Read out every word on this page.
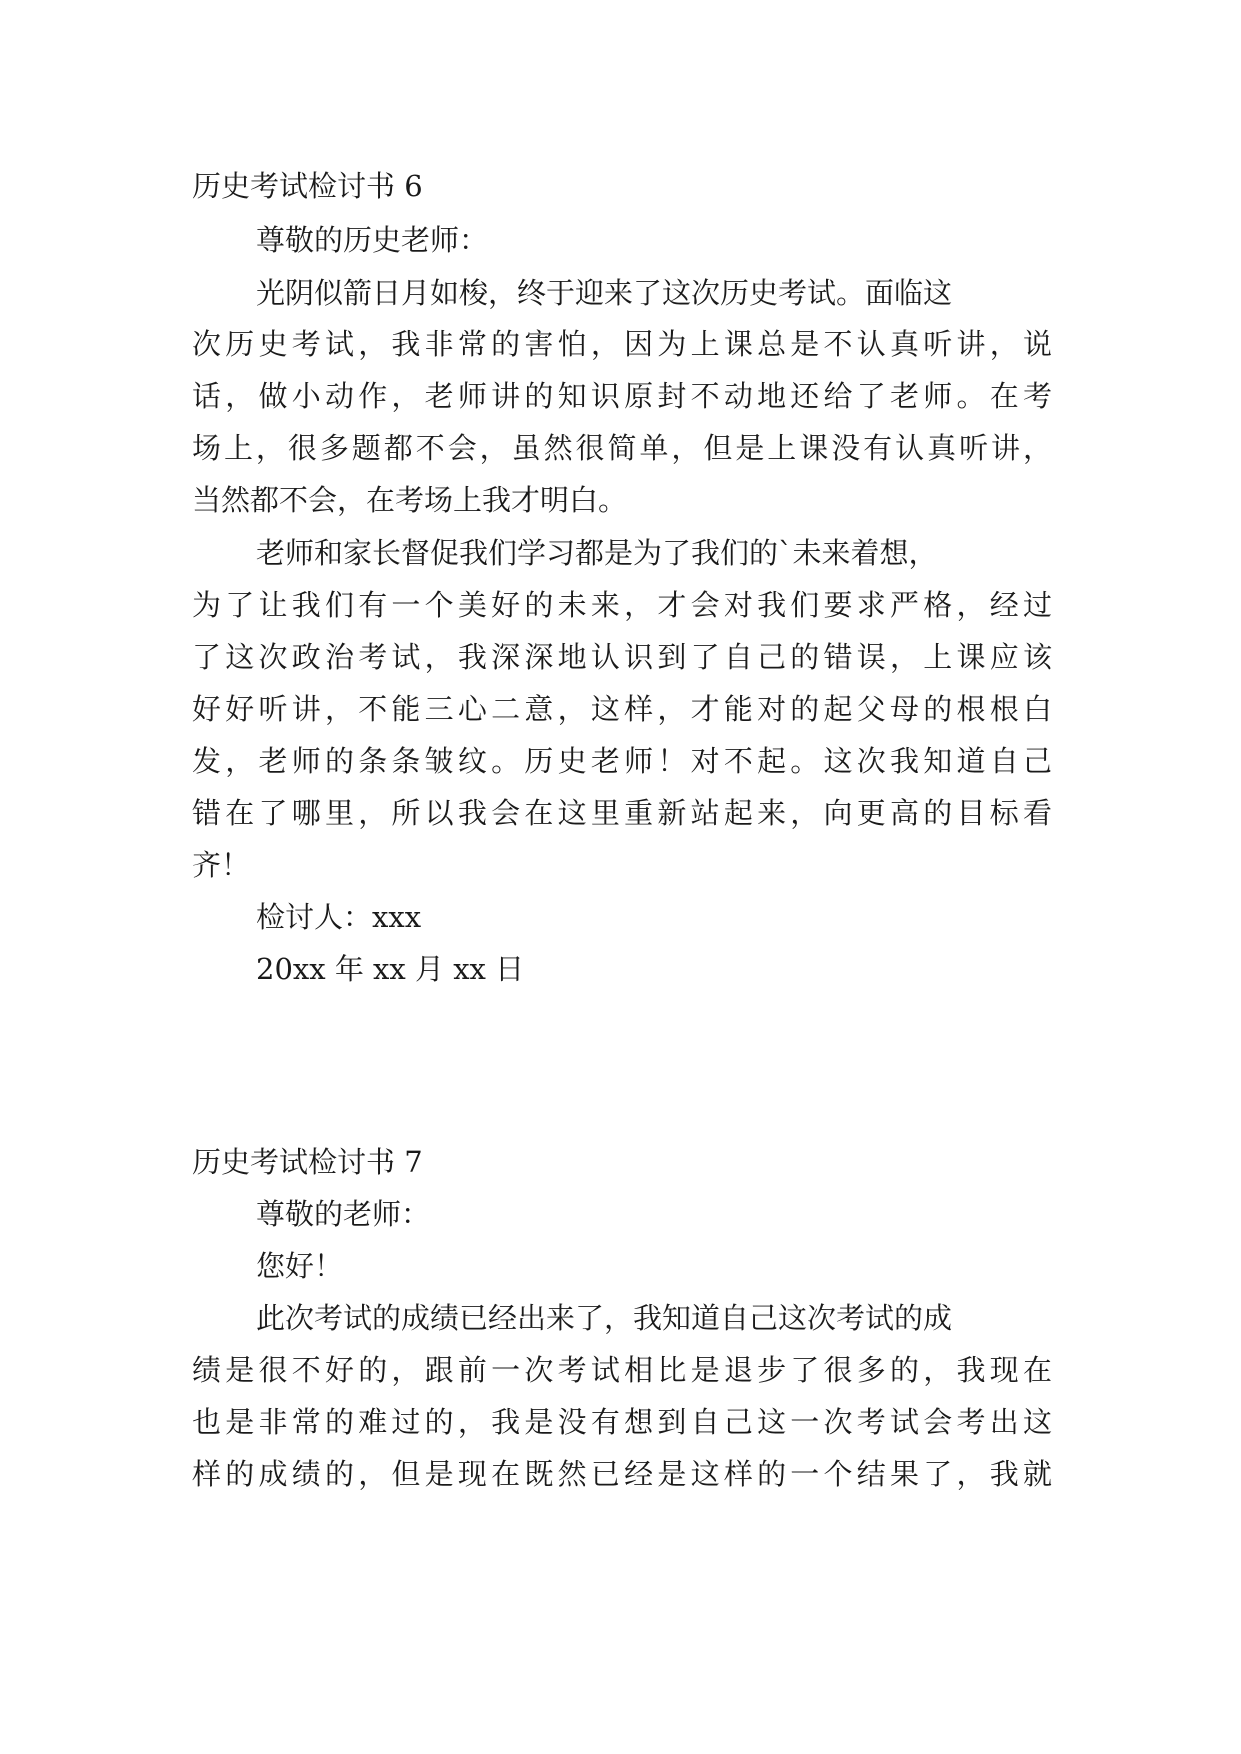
历史考试检讨书 6
尊敬的历史老师：
光阴似箭日月如梭，终于迎来了这次历史考试。面临这
次历史考试，我非常的害怕，因为上课总是不认真听讲，说
话，做小动作，老师讲的知识原封不动地还给了老师。在考
场上，很多题都不会，虽然很简单，但是上课没有认真听讲，
当然都不会，在考场上我才明白。
老师和家长督促我们学习都是为了我们的`未来着想，
为了让我们有一个美好的未来，才会对我们要求严格，经过
了这次政治考试，我深深地认识到了自己的错误，上课应该
好好听讲，不能三心二意，这样，才能对的起父母的根根白
发，老师的条条皱纹。历史老师！对不起。这次我知道自己
错在了哪里，所以我会在这里重新站起来，向更高的目标看
齐！
检讨人：xxx
20xx 年 xx 月 xx 日
历史考试检讨书 7
尊敬的老师：
您好！
此次考试的成绩已经出来了，我知道自己这次考试的成
绩是很不好的，跟前一次考试相比是退步了很多的，我现在
也是非常的难过的，我是没有想到自己这一次考试会考出这
样的成绩的，但是现在既然已经是这样的一个结果了，我就
